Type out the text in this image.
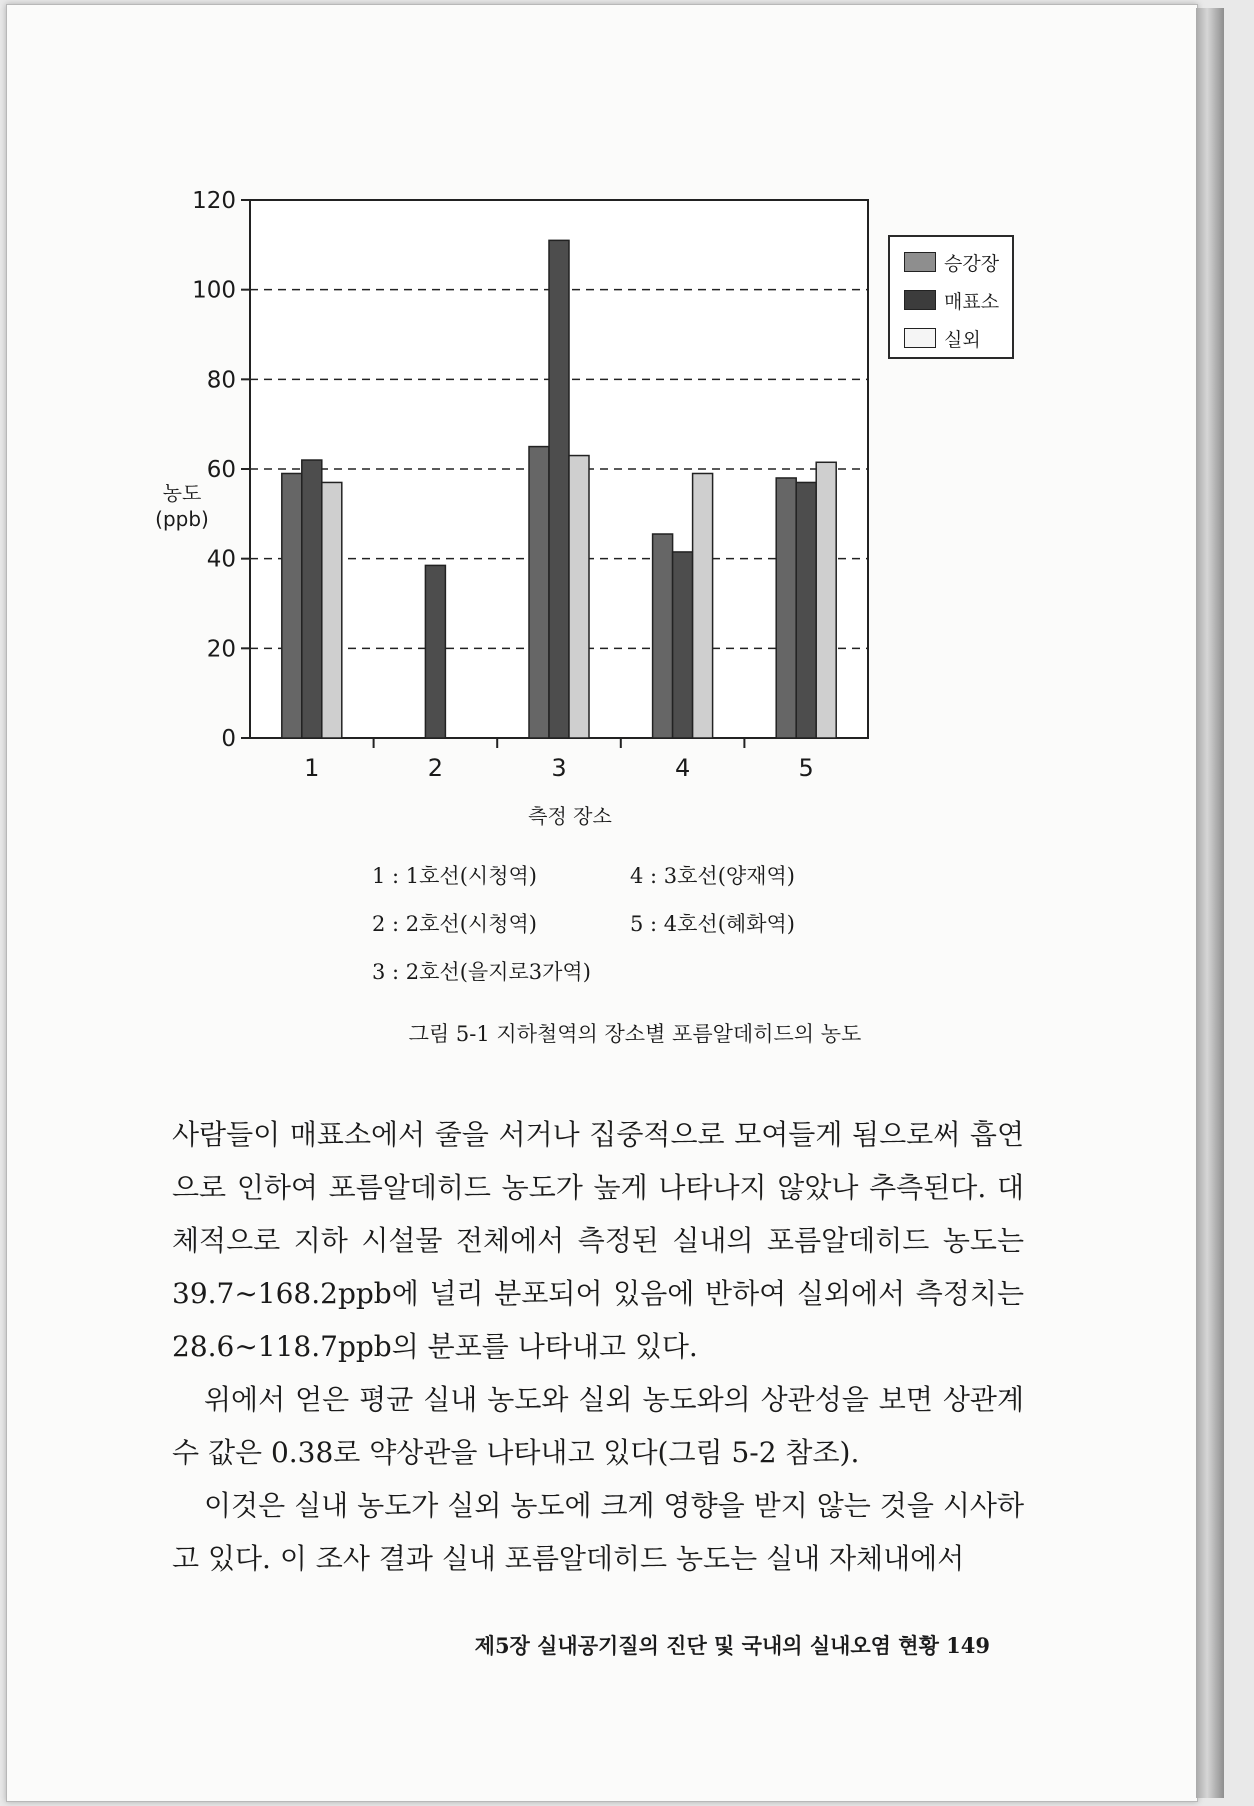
0
20
40
60
80
100
120
1	2	3	4	5
승강장
매표소
실외
농도
(ppb)
측정 장소
1 : 1호선(시청역)
2 : 2호선(시청역)
3 : 2호선(을지로3가역)
4 : 3호선(양재역)
5 : 4호선(혜화역)
그림 5-1 지하철역의 장소별 포름알데히드의 농도

사람들이 매표소에서 줄을 서거나 집중적으로 모여들게 됨으로써 흡연으로 인하여 포름알데히드 농도가 높게 나타나지 않았나 추측된다. 대체적으로 지하 시설물 전체에서 측정된 실내의 포름알데히드 농도는 39.7∼168.2ppb에 널리 분포되어 있음에 반하여 실외에서 측정치는 28.6∼118.7ppb의 분포를 나타내고 있다.

위에서 얻은 평균 실내 농도와 실외 농도와의 상관성을 보면 상관계수 값은 0.38로 약상관을 나타내고 있다(그림 5-2 참조).

이것은 실내 농도가 실외 농도에 크게 영향을 받지 않는 것을 시사하고 있다. 이 조사 결과 실내 포름알데히드 농도는 실내 자체내에서

제5장 실내공기질의 진단 및 국내의 실내오염 현황 149
